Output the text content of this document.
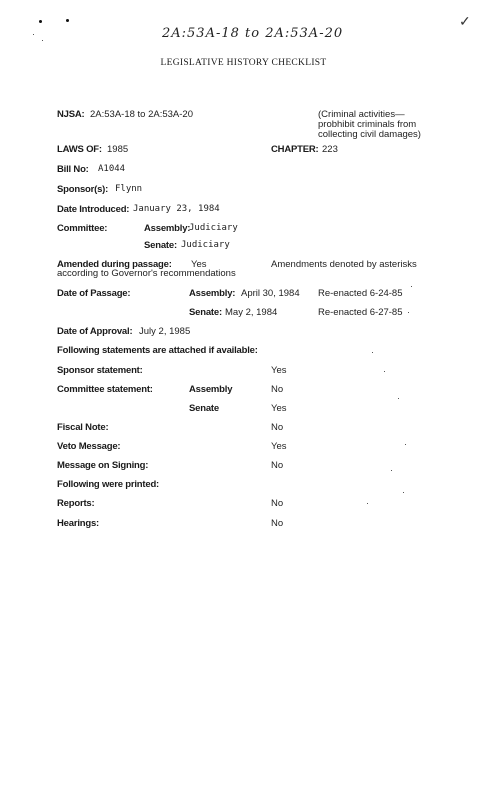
✓
2A:53A-18 to 2A:53A-20
LEGISLATIVE HISTORY CHECKLIST
NJSA: 2A:53A-18 to 2A:53A-20	(Criminal activities—
probhibit criminals from
collecting civil damages)
LAWS OF: 1985	CHAPTER: 223
Bill No: A1044
Sponsor(s): Flynn
Date Introduced: January 23, 1984
Committee:	Assembly:
Judiciary
Senate: Judiciary
Amended during passage: Yes	Amendments denoted by asterisks
according to Governor's recommendations
Date of Passage:	Assembly: April 30, 1984 Re-enacted 6-24-85
Senate: May 2, 1984	Re-enacted 6-27-85
Date of Approval: July 2, 1985
Following statements are attached if available:
Sponsor statement:	Yes
Committee statement:	Assembly	No
Senate	Yes
Fiscal Note:	No
Veto Message:	Yes
Message on Signing:	No
Following were printed:
Reports:	No
Hearings:	No
